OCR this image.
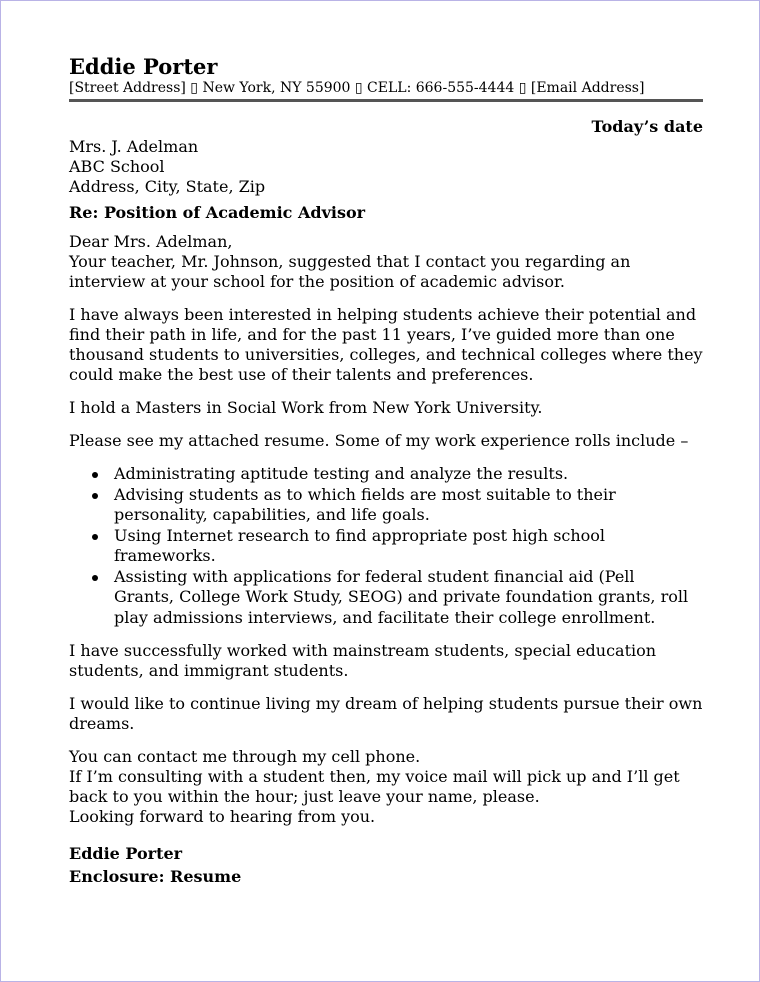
Eddie Porter
[Street Address] ▯ New York, NY 55900 ▯ CELL: 666-555-4444 ▯ [Email Address]
Today’s date
Mrs. J. Adelman
ABC School
Address, City, State, Zip
Re: Position of Academic Advisor

Dear Mrs. Adelman,

Your teacher, Mr. Johnson, suggested that I contact you regarding an interview at your school for the position of academic advisor.

I have always been interested in helping students achieve their potential and find their path in life, and for the past 11 years, I’ve guided more than one thousand students to universities, colleges, and technical colleges where they could make the best use of their talents and preferences.

I hold a Masters in Social Work from New York University.

Please see my attached resume. Some of my work experience rolls include –

Administrating aptitude testing and analyze the results.
Advising students as to which fields are most suitable to their personality, capabilities, and life goals.
Using Internet research to find appropriate post high school frameworks.
Assisting with applications for federal student financial aid (Pell Grants, College Work Study, SEOG) and private foundation grants, roll play admissions interviews, and facilitate their college enrollment.

I have successfully worked with mainstream students, special education students, and immigrant students.

I would like to continue living my dream of helping students pursue their own dreams.

You can contact me through my cell phone.

If I’m consulting with a student then, my voice mail will pick up and I’ll get back to you within the hour; just leave your name, please.

Looking forward to hearing from you.

Eddie Porter
Enclosure: Resume
